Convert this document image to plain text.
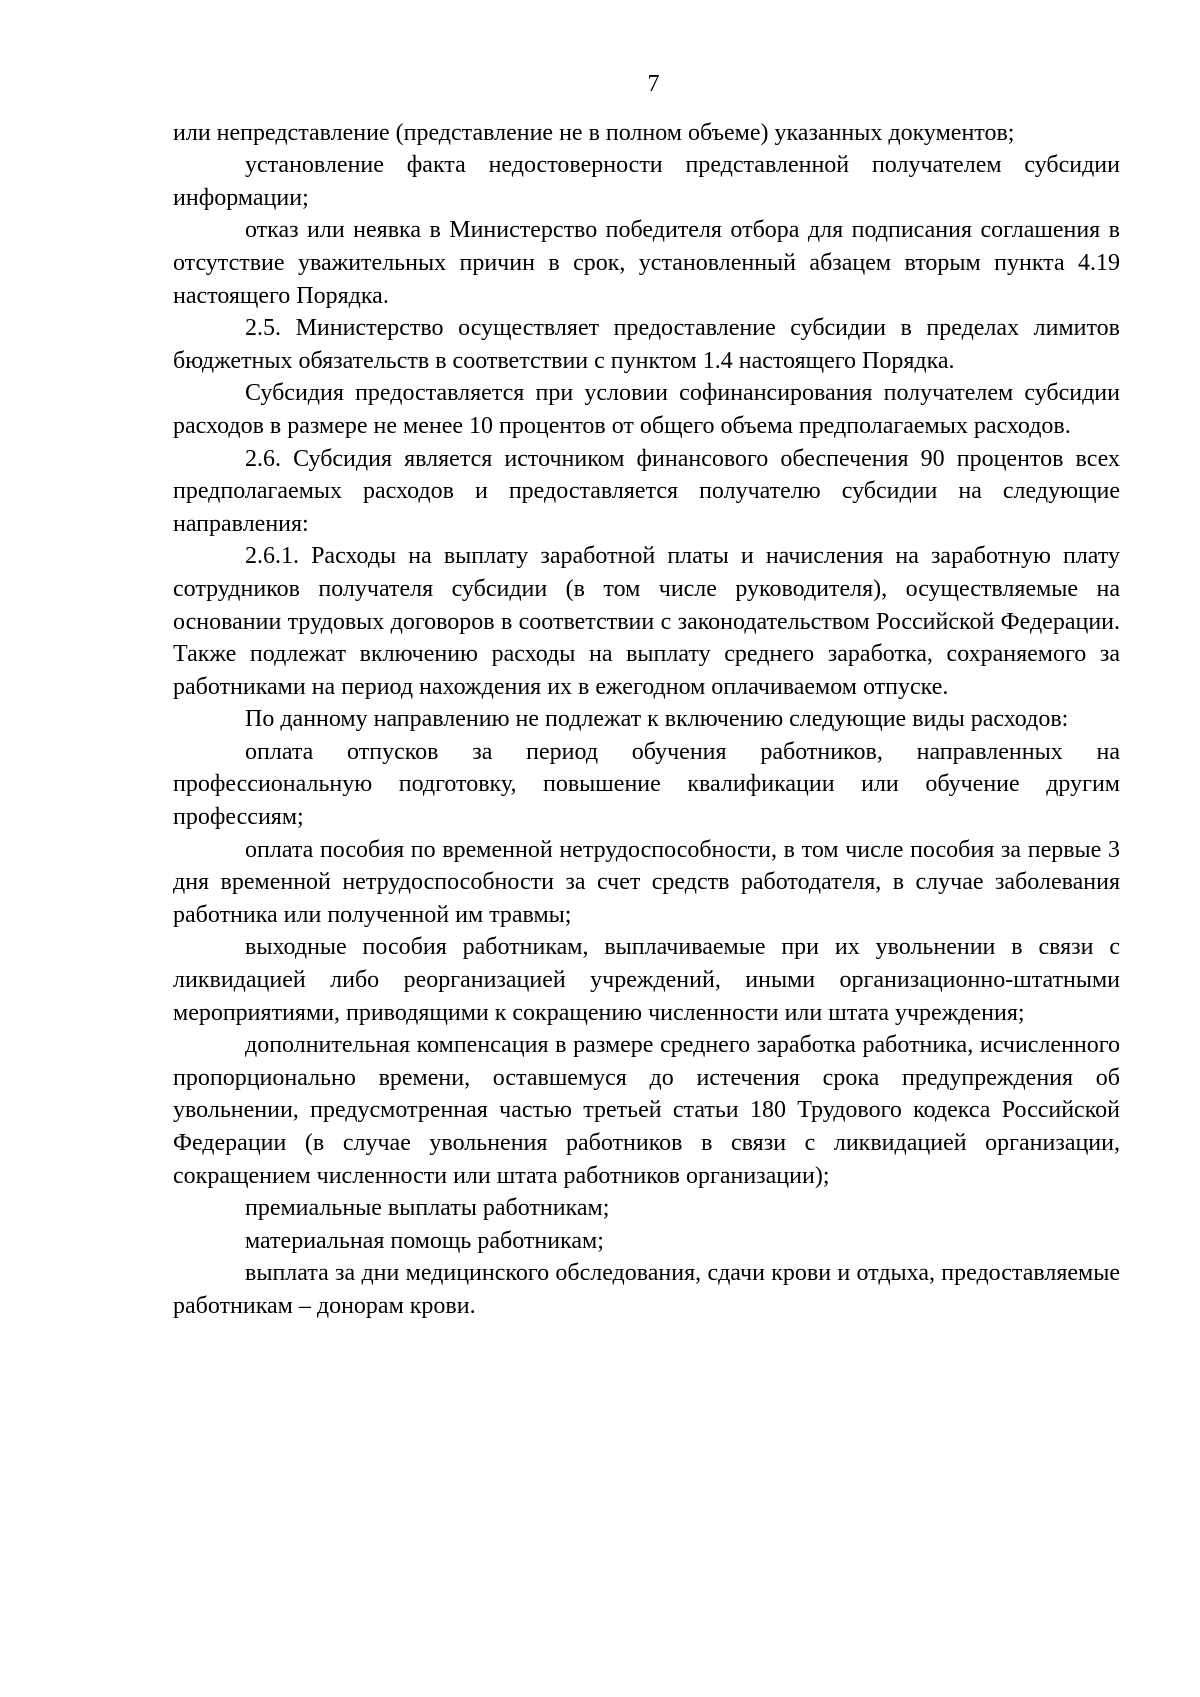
7

или непредставление (представление не в полном объеме) указанных документов;

установление факта недостоверности представленной получателем субсидии информации;

отказ или неявка в Министерство победителя отбора для подписания соглашения в отсутствие уважительных причин в срок, установленный абзацем вторым пункта 4.19 настоящего Порядка.

2.5. Министерство осуществляет предоставление субсидии в пределах лимитов бюджетных обязательств в соответствии с пунктом 1.4 настоящего Порядка.

Субсидия предоставляется при условии софинансирования получателем субсидии расходов в размере не менее 10 процентов от общего объема предполагаемых расходов.

2.6. Субсидия является источником финансового обеспечения 90 процентов всех предполагаемых расходов и предоставляется получателю субсидии на следующие направления:

2.6.1. Расходы на выплату заработной платы и начисления на заработную плату сотрудников получателя субсидии (в том числе руководителя), осуществляемые на основании трудовых договоров в соответствии с законодательством Российской Федерации. Также подлежат включению расходы на выплату среднего заработка, сохраняемого за работниками на период нахождения их в ежегодном оплачиваемом отпуске.

По данному направлению не подлежат к включению следующие виды расходов:

оплата отпусков за период обучения работников, направленных на профессиональную подготовку, повышение квалификации или обучение другим профессиям;

оплата пособия по временной нетрудоспособности, в том числе пособия за первые 3 дня временной нетрудоспособности за счет средств работодателя, в случае заболевания работника или полученной им травмы;

выходные пособия работникам, выплачиваемые при их увольнении в связи с ликвидацией либо реорганизацией учреждений, иными организационно-штатными мероприятиями, приводящими к сокращению численности или штата учреждения;

дополнительная компенсация в размере среднего заработка работника, исчисленного пропорционально времени, оставшемуся до истечения срока предупреждения об увольнении, предусмотренная частью третьей статьи 180 Трудового кодекса Российской Федерации (в случае увольнения работников в связи с ликвидацией организации, сокращением численности или штата работников организации);

премиальные выплаты работникам;

материальная помощь работникам;

выплата за дни медицинского обследования, сдачи крови и отдыха, предоставляемые работникам – донорам крови.
